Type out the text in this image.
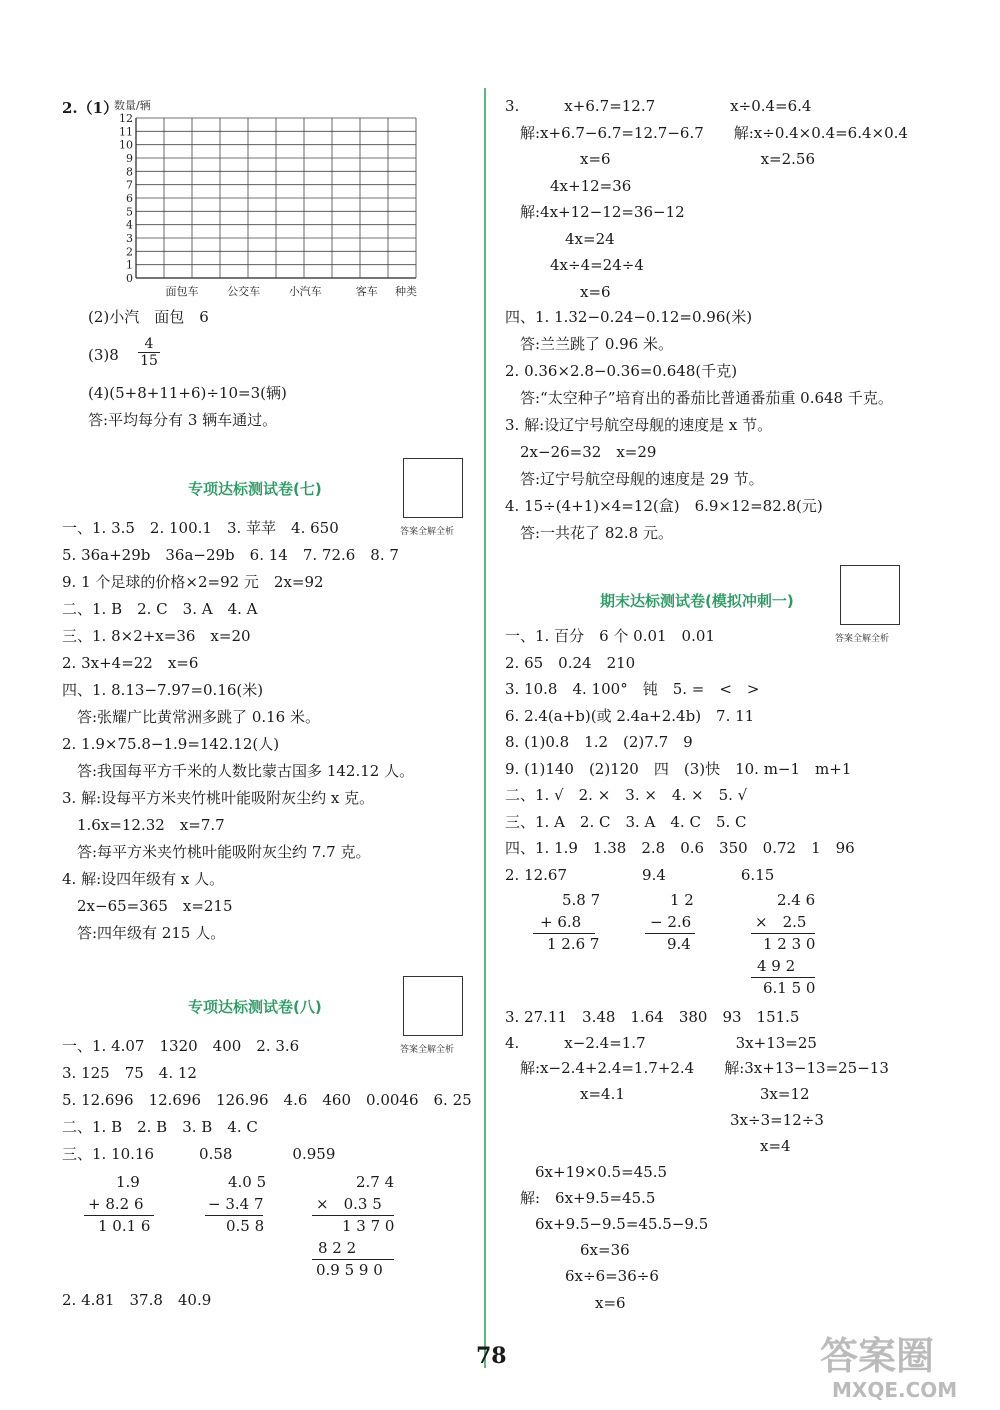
2.（1）
数量/辆
0
1
2
3
4
5
6
7
8
9
10
11
12
面包车	公交车	小汽车	客车 种类
(2)小汽　面包　6
$(3)8 \frac{4}{15}$
(4)(5+8+11+6)÷10=3(辆)
答:平均每分有 3 辆车通过。
专项达标测试卷(七)
答案全解全析
一、1. 3.5　2. 100.1　3. 苹苹　4. 650
5. 36a+29b　36a−29b　6. 14　7. 72.6　8. 7
9. 1 个足球的价格×2=92 元　2x=92
二、1. B　2. C　3. A　4. A
三、1. 8×2+x=36　x=20
2. 3x+4=22　x=6
四、1. 8.13−7.97=0.16(米)
　答:张耀广比黄常洲多跳了 0.16 米。
2. 1.9×75.8−1.9=142.12(人)
　答:我国每平方千米的人数比蒙古国多 142.12 人。
3. 解:设每平方米夹竹桃叶能吸附灰尘约 x 克。
　1.6x=12.32　x=7.7
　答:每平方米夹竹桃叶能吸附灰尘约 7.7 克。
4. 解:设四年级有 x 人。
　2x−65=365　x=215
　答:四年级有 215 人。
专项达标测试卷(八)
答案全解全析
一、1. 4.07　1320　400　2. 3.6
3. 125　75　4. 12
5. 12.696　12.696　126.96　4.6　460　0.0046　6. 25
二、1. B　2. B　3. B　4. C
三、1. 10.16　　　0.58　　　　0.959
1.9
+ 8.2 6
1 0.1 6
4.0 5
− 3.4 7
0.5 8
2.7 4
×　0.3 5
1 3 7 0
8 2 2
0.9 5 9 0
2. 4.81　37.8　40.9
3.　　　x+6.7=12.7　　　　　x÷0.4=6.4
　解:x+6.7−6.7=12.7−6.7　　解:x÷0.4×0.4=6.4×0.4
　　　　　x=6　　　　　　　　　　x=2.56
　　　4x+12=36
　解:4x+12−12=36−12
　　　　4x=24
　　　4x÷4=24÷4
　　　　　x=6
四、1. 1.32−0.24−0.12=0.96(米)
　答:兰兰跳了 0.96 米。
2. 0.36×2.8−0.36=0.648(千克)
　答:“太空种子”培育出的番茄比普通番茄重 0.648 千克。
3. 解:设辽宁号航空母舰的速度是 x 节。
　2x−26=32　x=29
　答:辽宁号航空母舰的速度是 29 节。
4. 15÷(4+1)×4=12(盒)　6.9×12=82.8(元)
　答:一共花了 82.8 元。
期末达标测试卷(模拟冲刺一)
答案全解全析
一、1. 百分　6 个 0.01　0.01
2. 65　0.24　210
3. 10.8　4. 100°　钝　5. =　<　>
6. 2.4(a+b)(或 2.4a+2.4b)　7. 11
8. (1)0.8　1.2　(2)7.7　9
9. (1)140　(2)120　四　(3)快　10. m−1　m+1
二、1. √　2. ×　3. ×　4. ×　5. √
三、1. A　2. C　3. A　4. C　5. C
四、1. 1.9　1.38　2.8　0.6　350　0.72　1　96
2. 12.67　　　　　9.4　　　　　6.15
5.8 7
+ 6.8
1 2.6 7
1 2
− 2.6
9.4
2.4 6
×　2.5
1 2 3 0
4 9 2
6.1 5 0
3. 27.11　3.48　1.64　380　93　151.5
4.　　　x−2.4=1.7　　　　　　3x+13=25
　解:x−2.4+2.4=1.7+2.4　　解:3x+13−13=25−13
　　　　　x=4.1　　　　　　　　　3x=12
　　　　　　　　　　　　　　　3x÷3=12÷3
　　　　　　　　　　　　　　　　　x=4
　　6x+19×0.5=45.5
　解:　6x+9.5=45.5
　　6x+9.5−9.5=45.5−9.5
　　　　　6x=36
　　　　6x÷6=36÷6
　　　　　　x=6
78	答案圈
MXQE.COM
